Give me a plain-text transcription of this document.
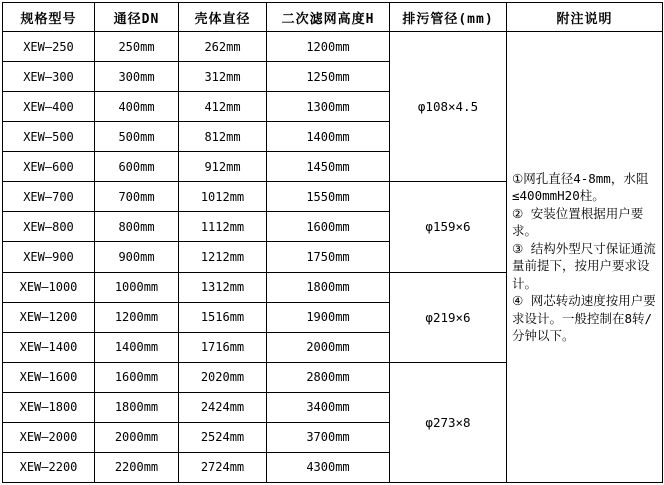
规格型号	通径DN	壳体直径	二次滤网高度H	排污管径(mm)	附注说明
XEW—250	250mm	262mm	1200mm	φ108×4.5	①网孔直径4-8mm，水阻≤400mmH20柱。
② 安装位置根据用户要求。
③ 结构外型尺寸保证通流量前提下，按用户要求设计。
④ 网芯转动速度按用户要求设计。一般控制在8转/分钟以下。

XEW—300	300mm	312mm	1250mm		
XEW—400	400mm	412mm	1300mm		
XEW—500	500mm	812mm	1400mm		
XEW—600	600mm	912mm	1450mm		
XEW—700	700mm	1012mm	1550mm	φ159×6	
XEW—800	800mm	1112mm	1600mm		
XEW—900	900mm	1212mm	1750mm		
XEW—1000	1000mm	1312mm	1800mm	φ219×6	
XEW—1200	1200mm	1516mm	1900mm		
XEW—1400	1400mm	1716mm	2000mm		
XEW—1600	1600mm	2020mm	2800mm	φ273×8	
XEW—1800	1800mm	2424mm	3400mm		
XEW—2000	2000mm	2524mm	3700mm		
XEW—2200	2200mm	2724mm	4300mm		
